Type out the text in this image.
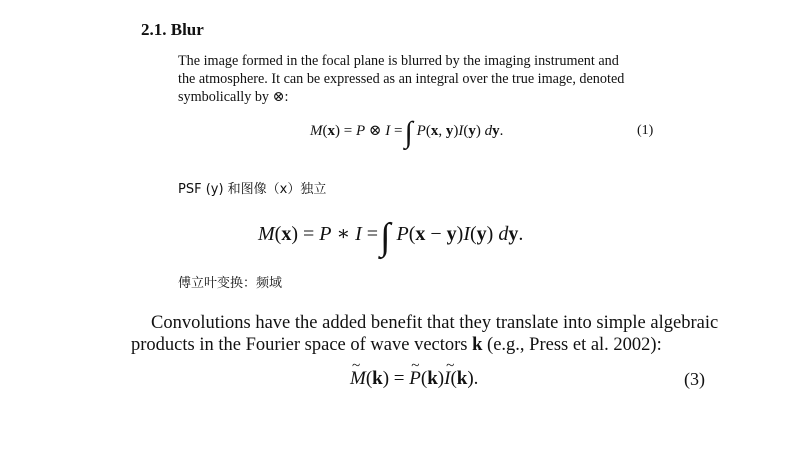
2.1. Blur
The image formed in the focal plane is blurred by the imaging instrument and
the atmosphere. It can be expressed as an integral over the true image, denoted
symbolically by ⊗:
M(x) = P ⊗ I =∫ P(x, y)I(y) dy.	(1)
PSF (y) 和图像（x）独立
M(x) = P ∗ I =∫ P(x − y)I(y) dy.
傅立叶变换：频域
Convolutions have the added benefit that they translate into simple algebraic
products in the Fourier space of wave vectors k (e.g., Press et al. 2002):
~ M(k) = ~ P(k)~ I(k).	(3)
